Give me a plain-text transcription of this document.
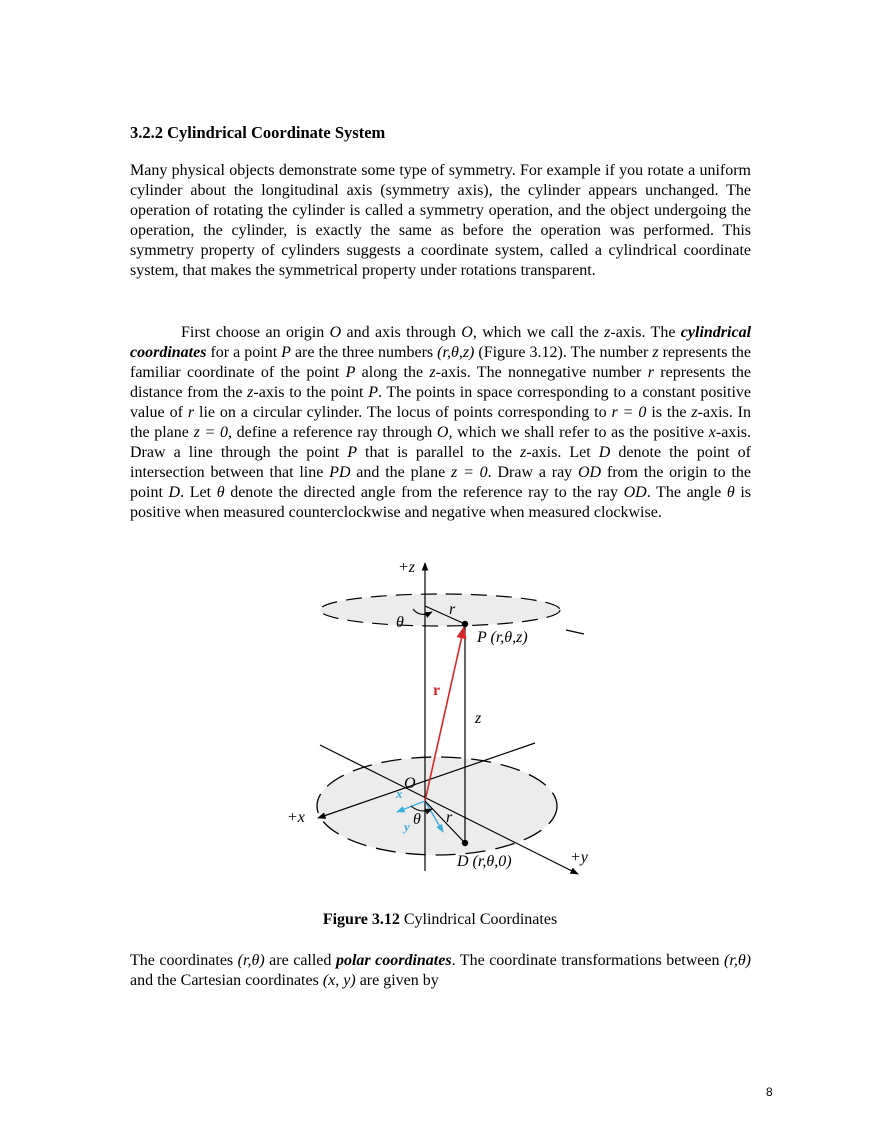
3.2.2 Cylindrical Coordinate System

Many physical objects demonstrate some type of symmetry. For example if you rotate a uniform cylinder about the longitudinal axis (symmetry axis), the cylinder appears unchanged. The operation of rotating the cylinder is called a symmetry operation, and the object undergoing the operation, the cylinder, is exactly the same as before the operation was performed. This symmetry property of cylinders suggests a coordinate system, called a cylindrical coordinate system, that makes the symmetrical property under rotations transparent.

First choose an origin O and axis through O, which we call the z-axis. The cylindrical coordinates for a point P are the three numbers (r,θ,z) (Figure 3.12). The number z represents the familiar coordinate of the point P along the z-axis. The nonnegative number r represents the distance from the z-axis to the point P. The points in space corresponding to a constant positive value of r lie on a circular cylinder. The locus of points corresponding to r = 0 is the z-axis. In the plane z = 0, define a reference ray through O, which we shall refer to as the positive x-axis. Draw a line through the point P that is parallel to the z-axis. Let D denote the point of intersection between that line PD and the plane z = 0. Draw a ray OD from the origin to the point D. Let θ denote the directed angle from the reference ray to the ray OD. The angle θ is positive when measured counterclockwise and negative when measured clockwise.

+z
+x
+y
O
P (r,θ,z)
D (r,θ,0)
z
r
r
θ
θ
r⃗
x
y

Figure 3.12 Cylindrical Coordinates

The coordinates (r,θ) are called polar coordinates. The coordinate transformations between (r,θ) and the Cartesian coordinates (x, y) are given by

8
